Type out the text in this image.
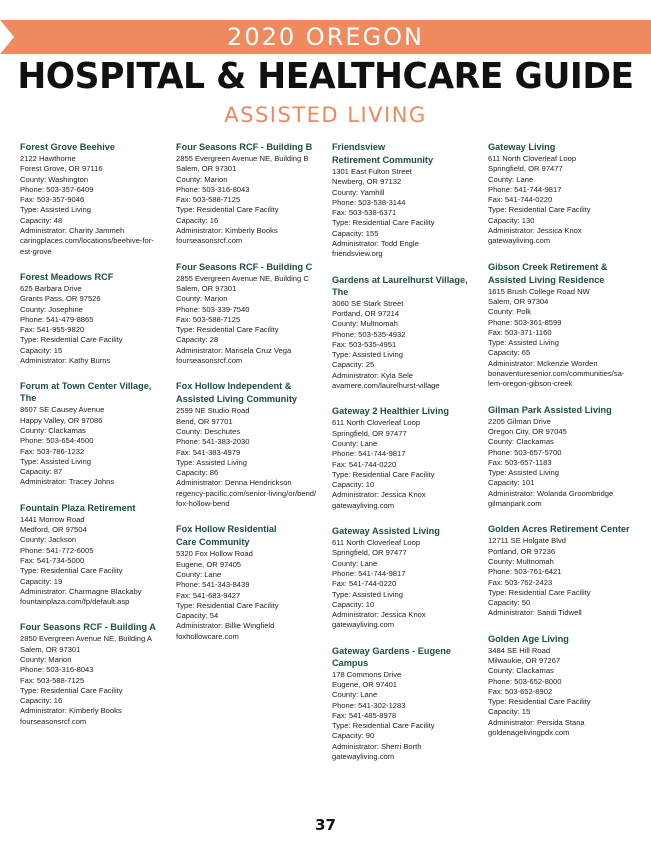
2020 OREGON
HOSPITAL & HEALTHCARE GUIDE
ASSISTED LIVING
Forest Grove Beehive
2122 Hawthorne
Forest Grove, OR 97116
County: Washington
Phone: 503-357-6409
Fax: 503-357-9046
Type: Assisted Living
Capacity: 48
Administrator: Charity Jammeh
caringplaces.com/locations/beehive-for-
est-grove
Forest Meadows RCF
625 Barbara Drive
Grants Pass, OR 97526
County: Josephine
Phone: 541-479-8865
Fax: 541-955-9820
Type: Residential Care Facility
Capacity: 15
Administrator: Kathy Burns
Forum at Town Center Village, The
8607 SE Causey Avenue
Happy Valley, OR 97086
County: Clackamas
Phone: 503-654-4500
Fax: 503-786-1232
Type: Assisted Living
Capacity: 87
Administrator: Tracey Johns
Fountain Plaza Retirement
1441 Morrow Road
Medford, OR 97504
County: Jackson
Phone: 541-772-6005
Fax: 541-734-5000
Type: Residential Care Facility
Capacity: 19
Administrator: Charmagne Blackaby
fountainplaza.com/fp/default.asp
Four Seasons RCF - Building A
2850 Evergreen Avenue NE, Building A
Salem, OR 97301
County: Marion
Phone: 503-316-8043
Fax: 503-588-7125
Type: Residential Care Facility
Capacity: 16
Administrator: Kimberly Books
fourseasonsrcf.com
Four Seasons RCF - Building B
2855 Evergreen Avenue NE, Building B
Salem, OR 97301
County: Marion
Phone: 503-316-8043
Fax: 503-588-7125
Type: Residential Care Facility
Capacity: 16
Administrator: Kimberly Books
fourseasonsrcf.com
Four Seasons RCF - Building C
2855 Evergreen Avenue NE, Building C
Salem, OR 97301
County: Marion
Phone: 503-339-7540
Fax: 503-588-7125
Type: Residential Care Facility
Capacity: 28
Administrator: Marisela Cruz Vega
fourseasonsrcf.com
Fox Hollow Independent &
Assisted Living Community
2599 NE Studio Road
Bend, OR 97701
County: Deschutes
Phone: 541-383-2030
Fax: 541-383-4979
Type: Assisted Living
Capacity: 86
Administrator: Denna Hendrickson
regency-pacific.com/senior-living/or/bend/
fox-hollow-bend
Fox Hollow Residential
Care Community
5320 Fox Hollow Road
Eugene, OR 97405
County: Lane
Phone: 541-343-8439
Fax: 541-683-9427
Type: Residential Care Facility
Capacity: 54
Administrator: Billie Wingfield
foxhollowcare.com
Friendsview
Retirement Community
1301 East Fulton Street
Newberg, OR 97132
County: Yamhill
Phone: 503-538-3144
Fax: 503-538-6371
Type: Residential Care Facility
Capacity: 155
Administrator: Todd Engle
friendsview.org
Gardens at Laurelhurst Village, The
3060 SE Stark Street
Portland, OR 97214
County: Multnomah
Phone: 503-535-4932
Fax: 503-535-4951
Type: Assisted Living
Capacity: 25
Administrator: Kyla Sele
avamere.com/laurelhurst-village
Gateway 2 Healthier Living
611 North Cloverleaf Loop
Springfield, OR 97477
County: Lane
Phone: 541-744-9817
Fax: 541-744-0220
Type: Residential Care Facility
Capacity: 10
Administrator: Jessica Knox
gatewayliving.com
Gateway Assisted Living
611 North Cloverleaf Loop
Springfield, OR 97477
County: Lane
Phone: 541-744-9817
Fax: 541-744-0220
Type: Assisted Living
Capacity: 10
Administrator: Jessica Knox
gatewayliving.com
Gateway Gardens - Eugene Campus
178 Commons Drive
Eugene, OR 97401
County: Lane
Phone: 541-302-1283
Fax: 541-485-8978
Type: Residential Care Facility
Capacity: 90
Administrator: Sherri Borth
gatewayliving.com
Gateway Living
611 North Cloverleaf Loop
Springfield, OR 97477
County: Lane
Phone: 541-744-9817
Fax: 541-744-0220
Type: Residential Care Facility
Capacity: 130
Administrator: Jessica Knox
gatewayliving.com
Gibson Creek Retirement &
Assisted Living Residence
1615 Brush College Road NW
Salem, OR 97304
County: Polk
Phone: 503-361-8599
Fax: 503-371-1160
Type: Assisted Living
Capacity: 65
Administrator: Mckenzie Worden
bonaventuresenior.com/communities/sa-
lem-oregon-gibson-creek
Gilman Park Assisted Living
2205 Gilman Drive
Oregon City, OR 97045
County: Clackamas
Phone: 503-657-5700
Fax: 503-657-1183
Type: Assisted Living
Capacity: 101
Administrator: Wolanda Groombridge
gilmanpark.com
Golden Acres Retirement Center
12711 SE Holgate Blvd
Portland, OR 97236
County: Multnomah
Phone: 503-761-6421
Fax: 503-762-2423
Type: Residential Care Facility
Capacity: 50
Administrator: Sandi Tidwell
Golden Age Living
3484 SE Hill Road
Milwaukie, OR 97267
County: Clackamas
Phone: 503-652-8000
Fax: 503-652-8902
Type: Residential Care Facility
Capacity: 15
Administrator: Persida Stana
goldenagelivingpdx.com
37
